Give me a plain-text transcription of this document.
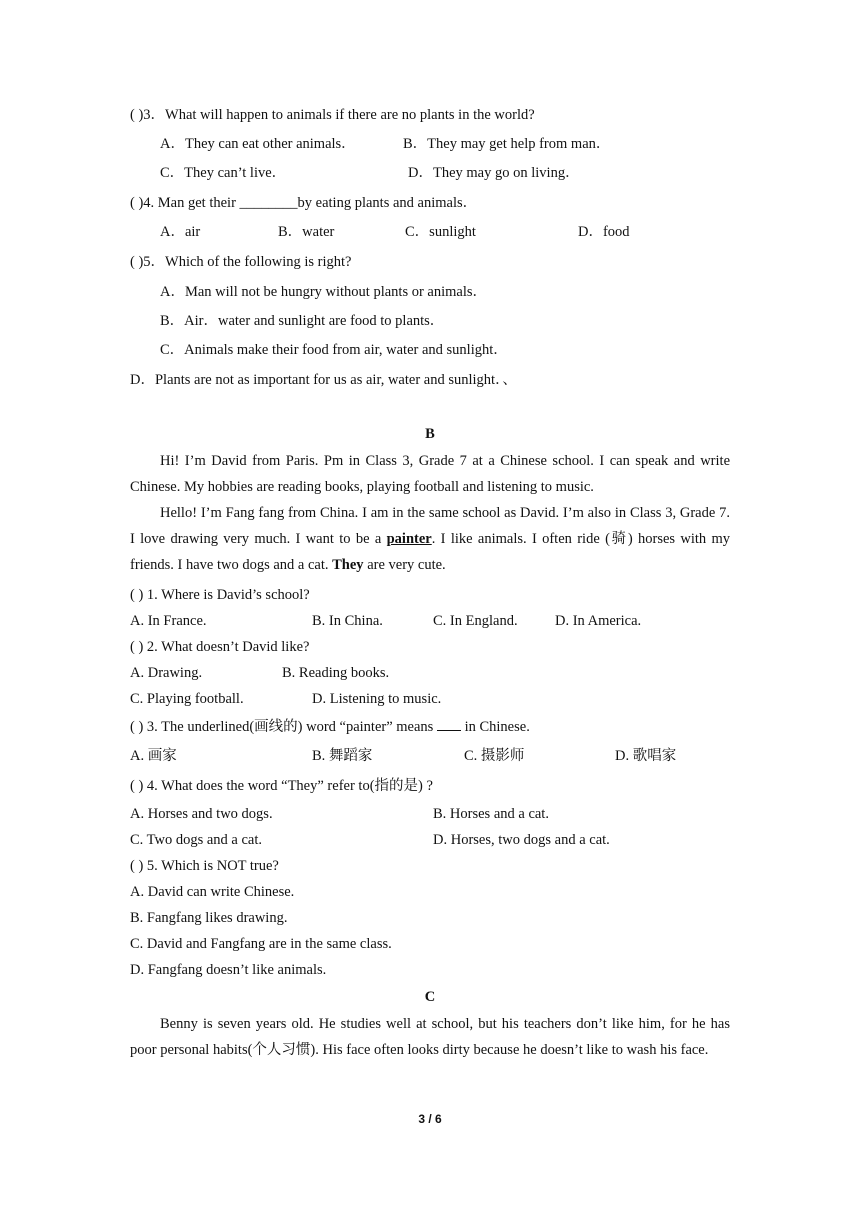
( )3．What will happen to animals if there are no plants in the world?
A．They can eat other animals．	B．They may get help from man．
C．They can’t live．	D．They may go on living．
( )4. Man get their ________by eating plants and animals．
A．air	B．water	C．sunlight	D．food
( )5．Which of the following is right?
A．Man will not be hungry without plants or animals．
B．Air．water and sunlight are food to plants．
C．Animals make their food from air, water and sunlight．
D．Plants are not as important for us as air, water and sunlight．、
B

Hi! I’m David from Paris. Pm in Class 3, Grade 7 at a Chinese school. I can speak and write Chinese. My hobbies are reading books, playing football and listening to music.

Hello! I’m Fang fang from China. I am in the same school as David. I’m also in Class 3, Grade 7. I love drawing very much. I want to be a painter. I like animals. I often ride (骑) horses with my friends. I have two dogs and a cat. They are very cute.

( ) 1. Where is David’s school?
A. In France.	B. In China.	C. In England.	D. In America.
( ) 2. What doesn’t David like?
A. Drawing.	B. Reading books.
C. Playing football.	D. Listening to music.
( ) 3. The underlined(画线的) word “painter” means  in Chinese.
A. 画家	B. 舞蹈家	C. 摄影师	D. 歌唱家
( ) 4. What does the word “They” refer to(指的是) ?
A. Horses and two dogs.	B. Horses and a cat.
C. Two dogs and a cat.	D. Horses, two dogs and a cat.
( ) 5. Which is NOT true?
A. David can write Chinese.
B. Fangfang likes drawing.
C. David and Fangfang are in the same class.
D. Fangfang doesn’t like animals.
C

Benny is seven years old. He studies well at school, but his teachers don’t like him, for he has poor personal habits(个人习惯). His face often looks dirty because he doesn’t like to wash his face.

3 / 6
